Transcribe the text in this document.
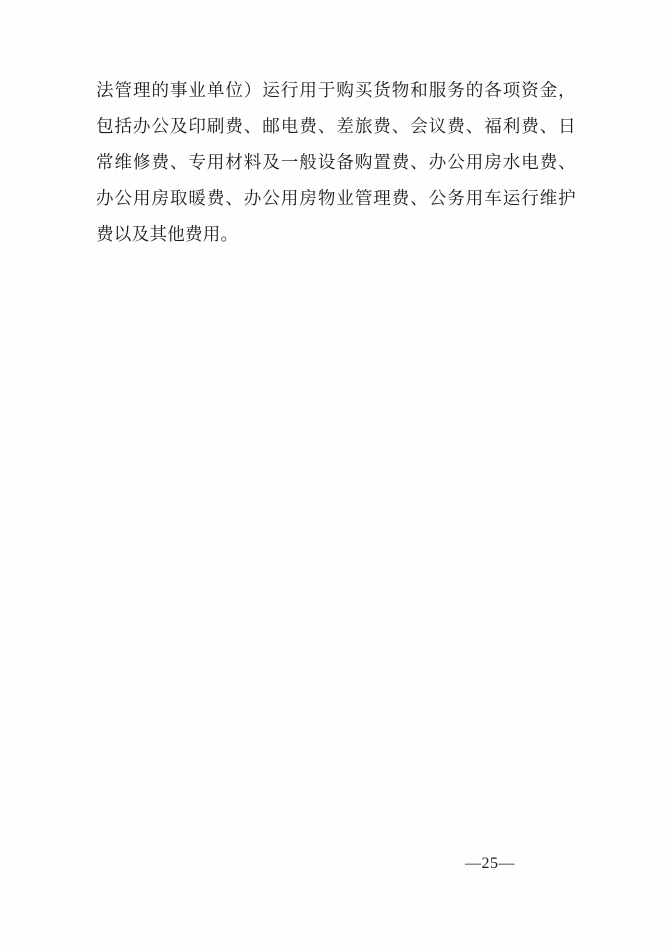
法管理的事业单位）运行用于购买货物和服务的各项资金，包括办公及印刷费、邮电费、差旅费、会议费、福利费、日常维修费、专用材料及一般设备购置费、办公用房水电费、办公用房取暖费、办公用房物业管理费、公务用车运行维护费以及其他费用。

—25—
